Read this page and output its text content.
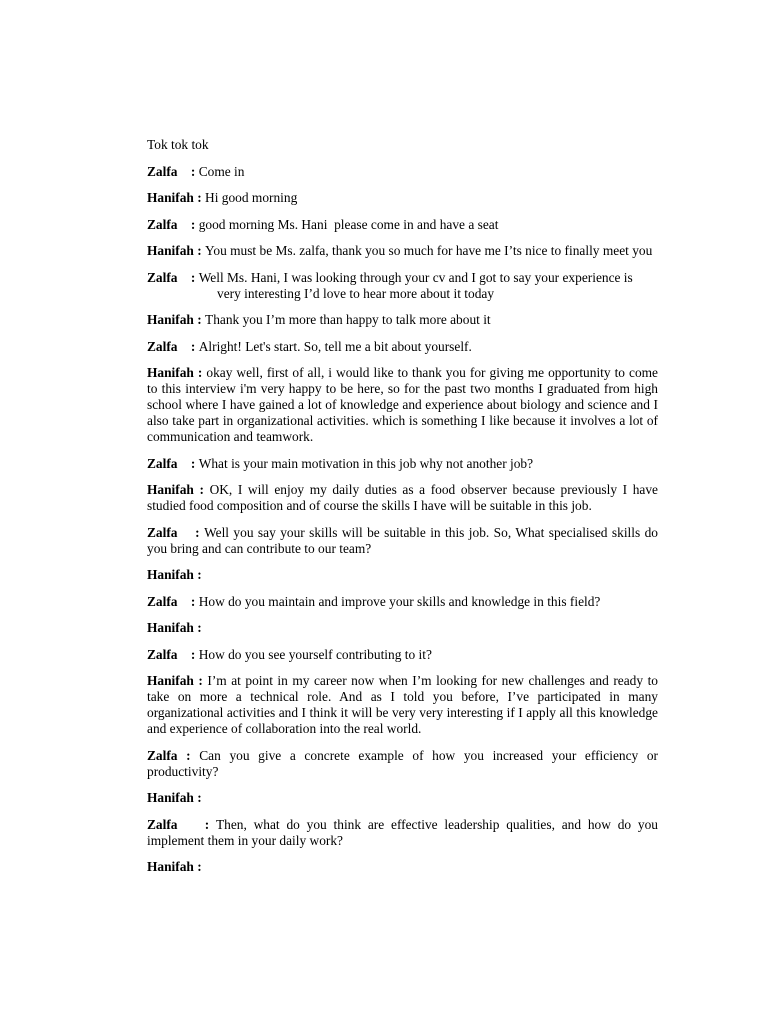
Tok tok tok

Zalfa    : Come in

Hanifah : Hi good morning

Zalfa    : good morning Ms. Hani  please come in and have a seat

Hanifah : You must be Ms. zalfa, thank you so much for have me I’ts nice to finally meet you

Zalfa    : Well Ms. Hani, I was looking through your cv and I got to say your experience is
very interesting I’d love to hear more about it today

Hanifah : Thank you I’m more than happy to talk more about it

Zalfa    : Alright! Let's start. So, tell me a bit about yourself.

Hanifah : okay well, first of all, i would like to thank you for giving me opportunity to come to this interview i'm very happy to be here, so for the past two months I graduated from high school where I have gained a lot of knowledge and experience about biology and science and I also take part in organizational activities. which is something I like because it involves a lot of communication and teamwork.

Zalfa    : What is your main motivation in this job why not another job?

Hanifah : OK, I will enjoy my daily duties as a food observer because previously I have studied food composition and of course the skills I have will be suitable in this job.

Zalfa    : Well you say your skills will be suitable in this job. So, What specialised skills do you bring and can contribute to our team?

Hanifah :

Zalfa    : How do you maintain and improve your skills and knowledge in this field?

Hanifah :

Zalfa    : How do you see yourself contributing to it?

Hanifah : I’m at point in my career now when I’m looking for new challenges and ready to take on more a technical role. And as I told you before, I’ve participated in many organizational activities and I think it will be very very interesting if I apply all this knowledge and experience of collaboration into the real world.

Zalfa : Can you give a concrete example of how you increased your efficiency or productivity?

Hanifah :

Zalfa    : Then, what do you think are effective leadership qualities, and how do you implement them in your daily work?

Hanifah :
